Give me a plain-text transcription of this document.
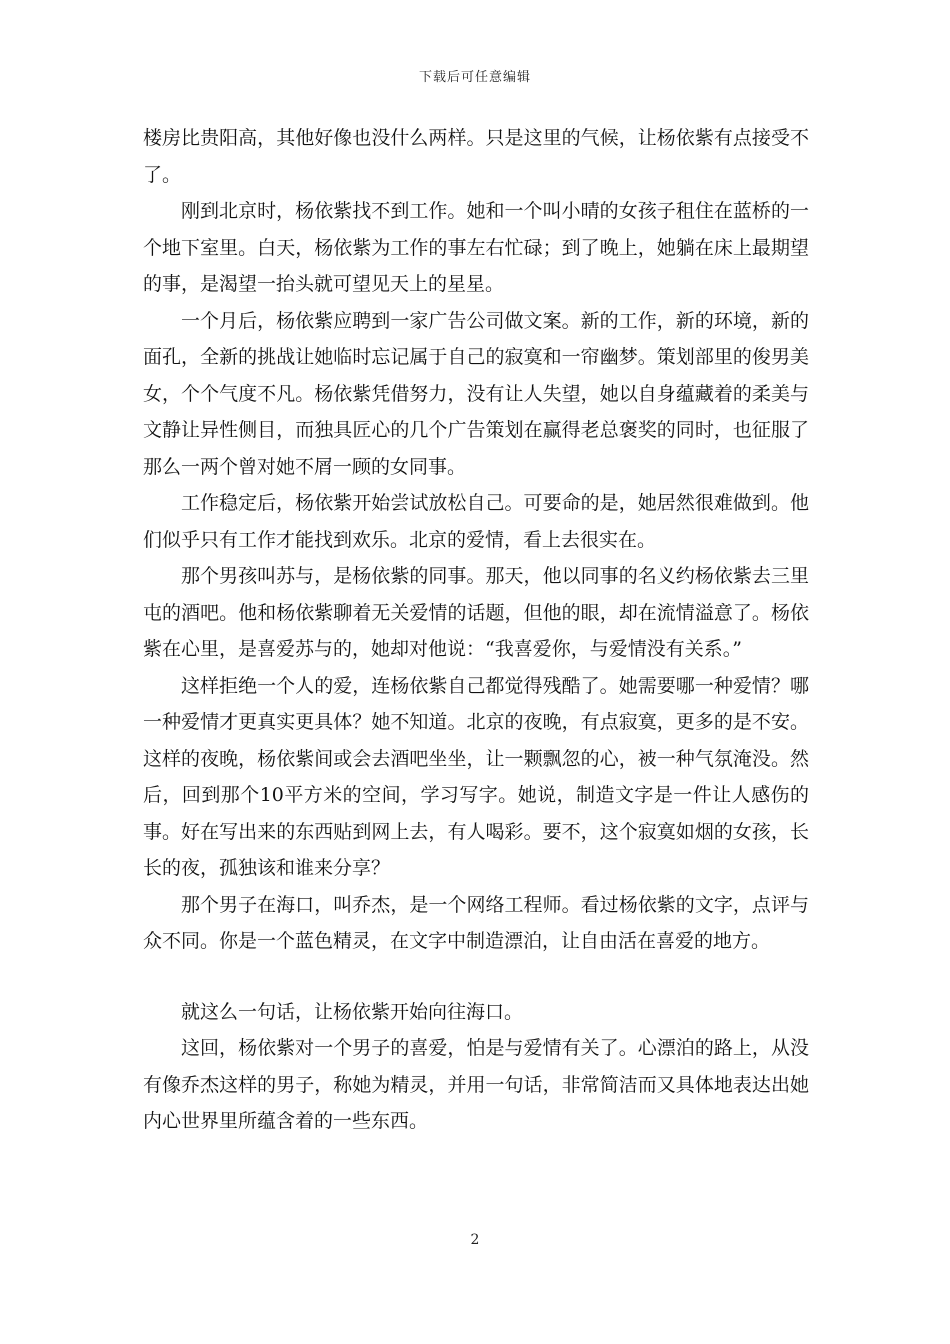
下载后可任意编辑

楼房比贵阳高，其他好像也没什么两样。只是这里的气候，让杨依紫有点接受不了。

刚到北京时，杨依紫找不到工作。她和一个叫小晴的女孩子租住在蓝桥的一个地下室里。白天，杨依紫为工作的事左右忙碌；到了晚上，她躺在床上最期望的事，是渴望一抬头就可望见天上的星星。

一个月后，杨依紫应聘到一家广告公司做文案。新的工作，新的环境，新的面孔，全新的挑战让她临时忘记属于自己的寂寞和一帘幽梦。策划部里的俊男美女，个个气度不凡。杨依紫凭借努力，没有让人失望，她以自身蕴藏着的柔美与文静让异性侧目，而独具匠心的几个广告策划在赢得老总褒奖的同时，也征服了那么一两个曾对她不屑一顾的女同事。

工作稳定后，杨依紫开始尝试放松自己。可要命的是，她居然很难做到。他们似乎只有工作才能找到欢乐。北京的爱情，看上去很实在。

那个男孩叫苏与，是杨依紫的同事。那天，他以同事的名义约杨依紫去三里屯的酒吧。他和杨依紫聊着无关爱情的话题，但他的眼，却在流情溢意了。杨依紫在心里，是喜爱苏与的，她却对他说：“我喜爱你，与爱情没有关系。”

这样拒绝一个人的爱，连杨依紫自己都觉得残酷了。她需要哪一种爱情？哪一种爱情才更真实更具体？她不知道。北京的夜晚，有点寂寞，更多的是不安。这样的夜晚，杨依紫间或会去酒吧坐坐，让一颗飘忽的心，被一种气氛淹没。然后，回到那个10平方米的空间，学习写字。她说，制造文字是一件让人感伤的事。好在写出来的东西贴到网上去，有人喝彩。要不，这个寂寞如烟的女孩，长长的夜，孤独该和谁来分享？

那个男子在海口，叫乔杰，是一个网络工程师。看过杨依紫的文字，点评与众不同。你是一个蓝色精灵，在文字中制造漂泊，让自由活在喜爱的地方。

就这么一句话，让杨依紫开始向往海口。

这回，杨依紫对一个男子的喜爱，怕是与爱情有关了。心漂泊的路上，从没有像乔杰这样的男子，称她为精灵，并用一句话，非常简洁而又具体地表达出她内心世界里所蕴含着的一些东西。

2
